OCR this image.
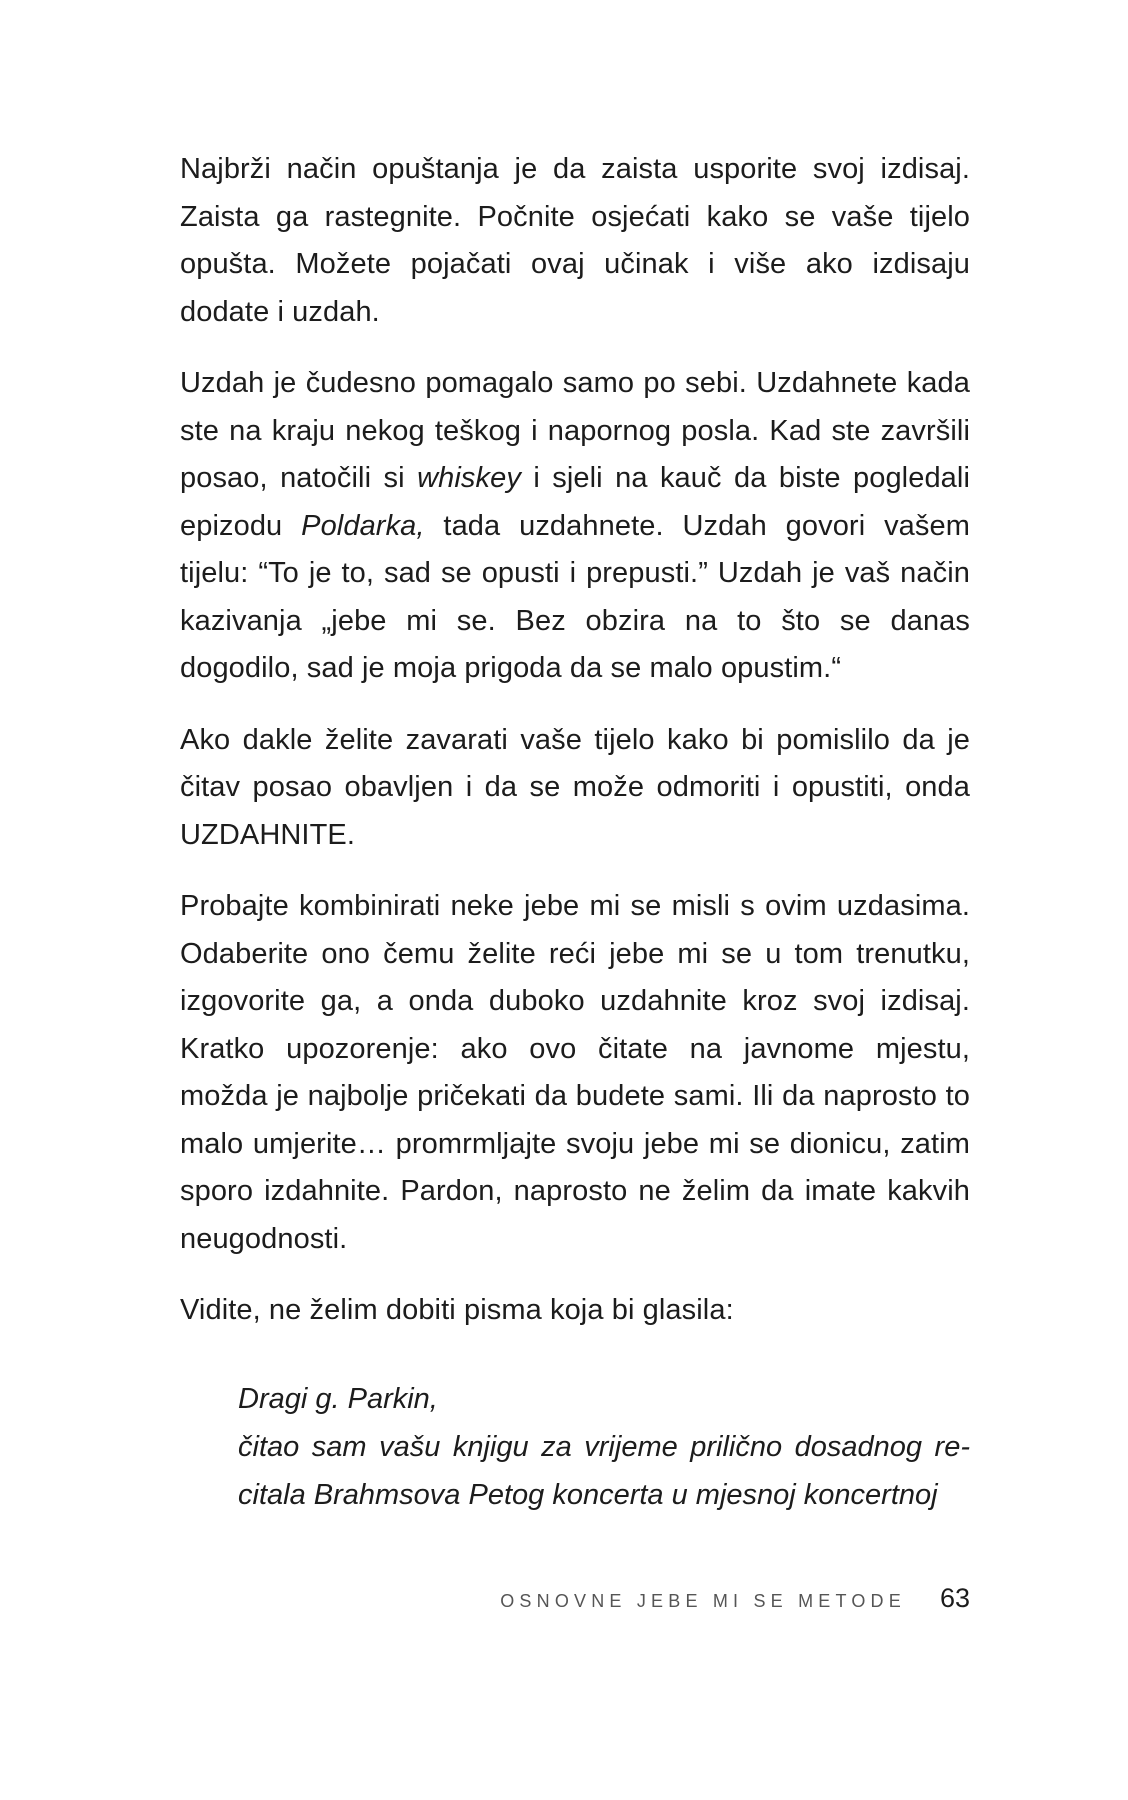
Najbrži način opuštanja je da zaista usporite svoj izdisaj. Zaista ga rastegnite. Počnite osjećati kako se vaše tijelo opušta. Možete pojačati ovaj učinak i više ako izdisaju dodate i uzdah.

Uzdah je čudesno pomagalo samo po sebi. Uzdahnete kada ste na kraju nekog teškog i napornog posla. Kad ste završili posao, natočili si whiskey i sjeli na kauč da biste pogledali epizodu Poldarka, tada uzdahnete. Uzdah govori vašem tijelu: “To je to, sad se opusti i prepusti.” Uzdah je vaš način kazivanja „jebe mi se. Bez obzira na to što se danas dogodilo, sad je moja prigoda da se malo opustim.“

Ako dakle želite zavarati vaše tijelo kako bi pomislilo da je čitav posao obavljen i da se može odmoriti i opustiti, onda UZDAHNITE.

Probajte kombinirati neke jebe mi se misli s ovim uzdasima. Odaberite ono čemu želite reći jebe mi se u tom trenutku, izgovorite ga, a onda duboko uzdahnite kroz svoj izdisaj. Kratko upozorenje: ako ovo čitate na javnome mjestu, možda je najbolje pričekati da budete sami. Ili da naprosto to malo umjerite… promrmljajte svoju jebe mi se dionicu, zatim sporo izdahnite. Pardon, naprosto ne želim da imate kakvih neugodnosti.

Vidite, ne želim dobiti pisma koja bi glasila:

Dragi g. Parkin,

čitao sam vašu knjigu za vrijeme prilično dosadnog recitala Brahmsova Petog koncerta u mjesnoj koncertnoj

OSNOVNE JEBE MI SE METODE 63
